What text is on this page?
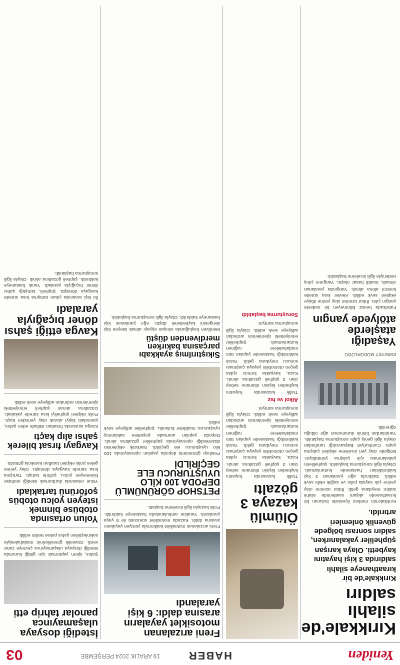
Yeniden
HABER
19 ARALIK 2024 PERŞEMBE
03

Kırıkkale'de silahlı saldırı

Kırıkkale'de bir kıraathaneye silahlı saldırıda 3 kişi hayatını kaybetti. Olaya karışan şüpheliler yakalanırken, saldırı sonrası bölgede güvenlik önlemleri artırıldı.

Kırıkkale'nin merkez ilçesinde bulunan bir kıraathanede akşam saatlerinde silahlı saldırı meydana geldi. İhbar üzerine olay yerine çok sayıda polis ve sağlık ekibi sevk edildi. Saldırıda ağır yaralanan 3 kişi kaldırıldıkları hastanede kurtarılamadı. Olayla ilgili soruşturma başlatıldı, şüphelilerin yakalanması için çalışma yürütülüyor. Bölgede olay yeri inceleme ekipleri çalışma yaptı. Cumhuriyet Başsavcılığı tarafından olayla ilgili geniş çaplı soruşturma başlatıldı. Yaralılardan birinin durumunun ağır olduğu öğrenildi.

EMNIYET MÜDÜRLÜĞÜ

Yaşadığı ataşlerde atölyede yangın

Fabrikada henüz bilinmeyen bir nedenle yangın çıktı. İhbar üzerine olay yerine itfaiye ekipleri sevk edildi. Alevler kısa sürede kontrol altına alındı. Yangında yaralanan olmadı, maddi hasar oluştu. Yangının çıkış nedeniyle ilgili inceleme başlatıldı.

Ölümlü kazaya 3 gözaltı

Trafik kazasında hayatını kaybeden kişinin ölümüne sebep olan 3 şüpheli gözaltına alındı. Kaza, kavşakta kırmızı ışıkta geçen otomobilin yayaya çarpması sonucu meydana geldi. Yaralı kaldırıldığı hastanede yapılan tüm müdahalelere rağmen kurtarılamadı. Şüpheliler emniyetteki işlemlerinin ardından adliyeye sevk edildi. Olayla ilgili soruşturma sürüyor.

Alkol ve hız

Trafik kazasında hayatını kaybeden kişinin ölümüne sebep olan 3 şüpheli gözaltına alındı. Kaza, kavşakta kırmızı ışıkta geçen otomobilin yayaya çarpması sonucu meydana geldi. Yaralı kaldırıldığı hastanede yapılan tüm müdahalelere rağmen kurtarılamadı. Şüpheliler emniyetteki işlemlerinin ardından adliyeye sevk edildi. Olayla ilgili soruşturma sürüyor.

Soruşturma başlatıldı

Freni arızalanan motosiklet yayaların arasına daldı: 6 kişi yaralandı

Freni arızalanan motosiklet kaldırımda yürüyen yayaların arasına daldı. Kazada motosiklet sürücüsü ile 5 yaya yaralandı. Yaralılar ambulanslarla hastaneye kaldırıldı. Polis kazayla ilgili inceleme başlattı.

PETSHOP GÖRÜNÜMLÜ DEPODA 100 KİLO UYUŞTURUCU ELE GEÇİRİLDİ

Petshop görünümlü depoda yapılan operasyonda 100 kilo uyuşturucu ele geçirildi. Narkotik ekiplerinin düzenlediği operasyonda şüpheliler gözaltına alındı. Depoda yapılan aramada poşetlere saklanmış uyuşturucu maddeler bulundu. Şüpheliler adliyeye sevk edildi.

Sıkıştırılmış ayakkabı parçasına bakırken merdivenden düştü

Merdiven boşluğunda sıkışan eşyayı almak isteyen kişi dengesini kaybederek düştü. Ağır yaralanan kişi hastaneye kaldırıldı. Olayla ilgili soruşturma başlatıldı.

İstediği dosyaya ulaşamayınca panolar tahrip etti

Şahıs, işlem yaptırmak için gittiği kurumda istediği dosyaya ulaşamayınca çevreye zarar verdi. Güvenlik görevlilerinin müdahalesiyle sakinleştirilen şahıs polise teslim edildi.

Yolun ortasında otobüse binmek isteyen yolcu otobüs şoförünü tartakladı

Yolun ortasında durdurmak istediği otobüse binemeyen yolcu, şoförle tartıştı. Tartışma kısa sürede kavgaya dönüştü. Olay yerine gelen polis ekipleri tarafları karakola götürdü.

Kavgayı fırsat bilerek şahsı alıp kaçtı

Kavga sırasında fırsattan istifade eden şahıs, yanındaki kişiyi alarak olay yerinden kaçtı. Polis ekipleri şüpheliyi kısa sürede yakaladı. Gözaltına alınan şüpheli emniyetteki işlemlerinin ardından adliyeye sevk edildi.

Kavga ettiği şahsı döner bıçağıyla yaraladı

İki kişi arasında çıkan tartışma kısa sürede kavgaya dönüştü. Şüpheli, tartıştığı şahsı döner bıçağıyla yaraladı. Yaralı hastaneye kaldırıldı, şüpheli gözaltına alındı. Olayla ilgili soruşturma başlatıldı.
